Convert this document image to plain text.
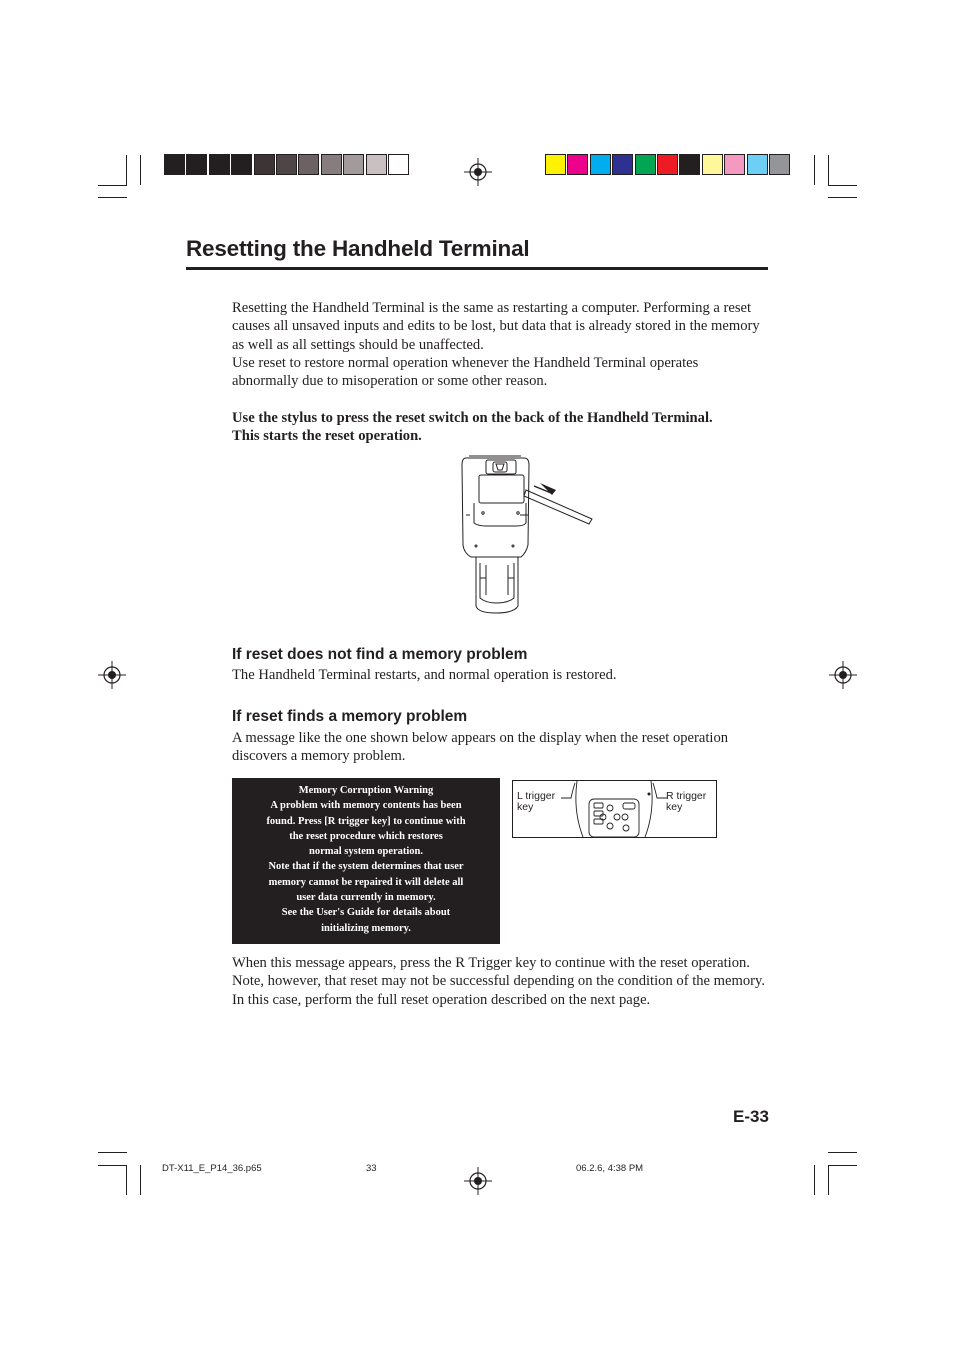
Resetting the Handheld Terminal

Resetting the Handheld Terminal is the same as restarting a computer. Performing a reset causes all unsaved inputs and edits to be lost, but data that is already stored in the memory as well as all settings should be unaffected.

Use reset to restore normal operation whenever the Handheld Terminal operates abnormally due to misoperation or some other reason.

Use the stylus to press the reset switch on the back of the Handheld Terminal.

This starts the reset operation.

If reset does not find a memory problem
The Handheld Terminal restarts, and normal operation is restored.
If reset finds a memory problem
A message like the one shown below appears on the display when the reset operation discovers a memory problem.
Memory Corruption Warning
A problem with memory contents has been
found. Press [R trigger key] to continue with
the reset procedure which restores
normal system operation.
Note that if the system determines that user
memory cannot be repaired it will delete all
user data currently in memory.
See the User's Guide for details about
initializing memory.
L trigger
key
R trigger
key
When this message appears, press the R Trigger key to continue with the reset operation. Note, however, that reset may not be successful depending on the condition of the memory. In this case, perform the full reset operation described on the next page.
E-33
DT-X11_E_P14_36.p65	33	06.2.6, 4:38 PM
